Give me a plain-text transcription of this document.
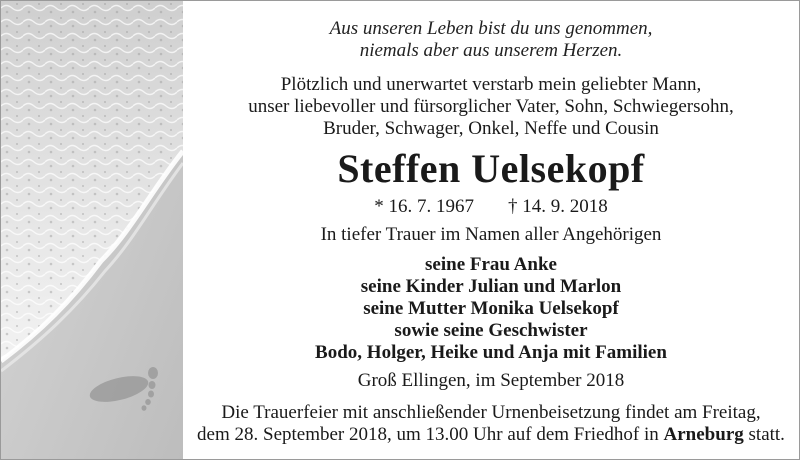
Aus unseren Leben bist du uns genommen,
niemals aber aus unserem Herzen.
Plötzlich und unerwartet verstarb mein geliebter Mann,
unser liebevoller und fürsorglicher Vater, Sohn, Schwiegersohn,
Bruder, Schwager, Onkel, Neffe und Cousin
Steffen Uelsekopf
* 16. 7. 1967 † 14. 9. 2018
In tiefer Trauer im Namen aller Angehörigen
seine Frau Anke
seine Kinder Julian und Marlon
seine Mutter Monika Uelsekopf
sowie seine Geschwister
Bodo, Holger, Heike und Anja mit Familien
Groß Ellingen, im September 2018
Die Trauerfeier mit anschließender Urnenbeisetzung findet am Freitag,
dem 28. September 2018, um 13.00 Uhr auf dem Friedhof in Arneburg statt.
